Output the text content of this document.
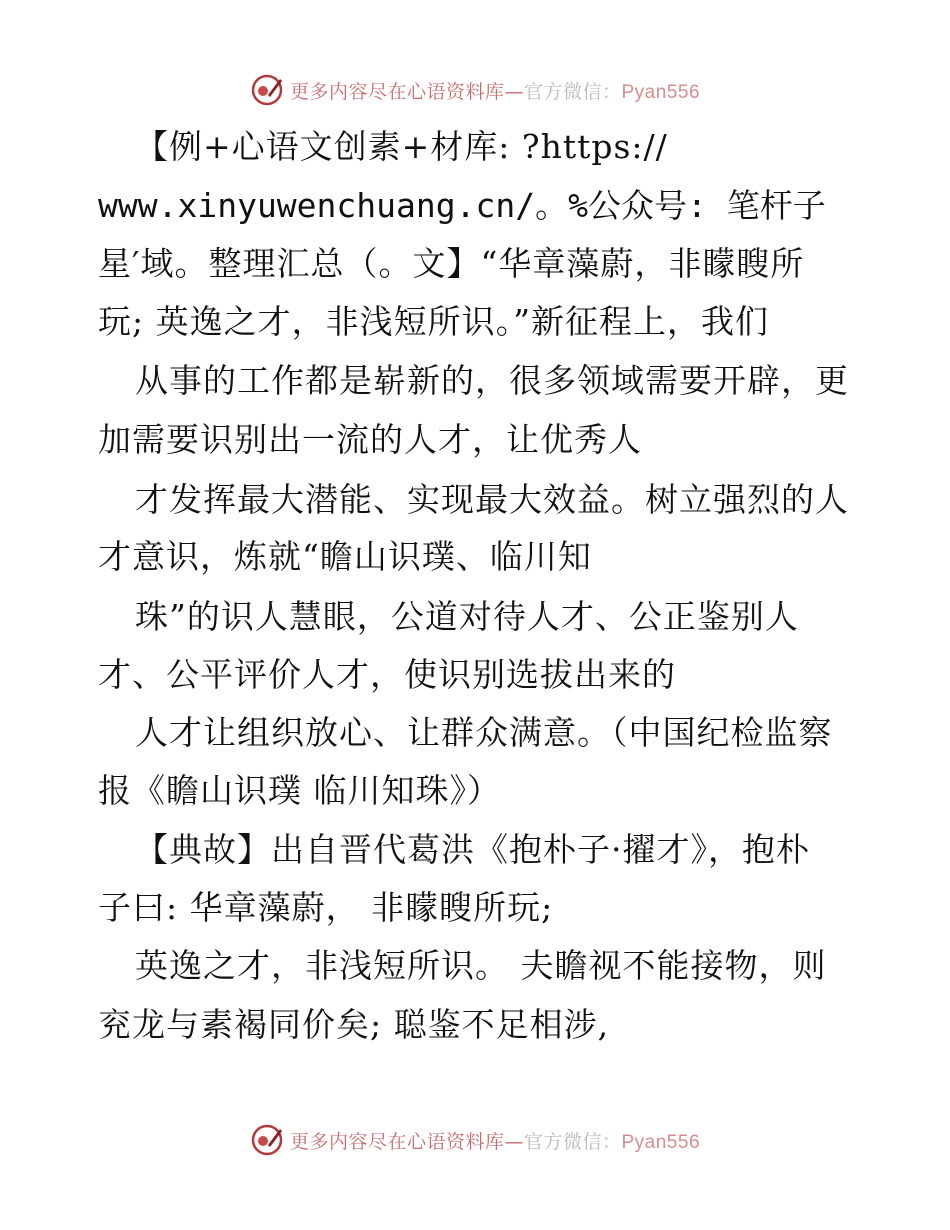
更多内容尽在心语资料库—官方微信：Pyan556
【例+心语文创素+材库: ?https://
www.xinyuwenchuang.cn/。%公众号: 笔杆子
星′域。整理汇总（。文】“华章藻蔚，非矇瞍所
玩; 英逸之才，非浅短所识。”新征程上，我们
从事的工作都是崭新的，很多领域需要开辟，更
加需要识别出一流的人才，让优秀人
才发挥最大潜能、实现最大效益。树立强烈的人
才意识，炼就“瞻山识璞、临川知
珠”的识人慧眼，公道对待人才、公正鉴别人
才、公平评价人才，使识别选拔出来的
人才让组织放心、让群众满意。（中国纪检监察
报《瞻山识璞 临川知珠》）
【典故】出自晋代葛洪《抱朴子·擢才》，抱朴
子曰: 华章藻蔚， 非矇瞍所玩;
英逸之才，非浅短所识。 夫瞻视不能接物，则
兖龙与素褐同价矣; 聪鉴不足相涉,
更多内容尽在心语资料库—官方微信：Pyan556
